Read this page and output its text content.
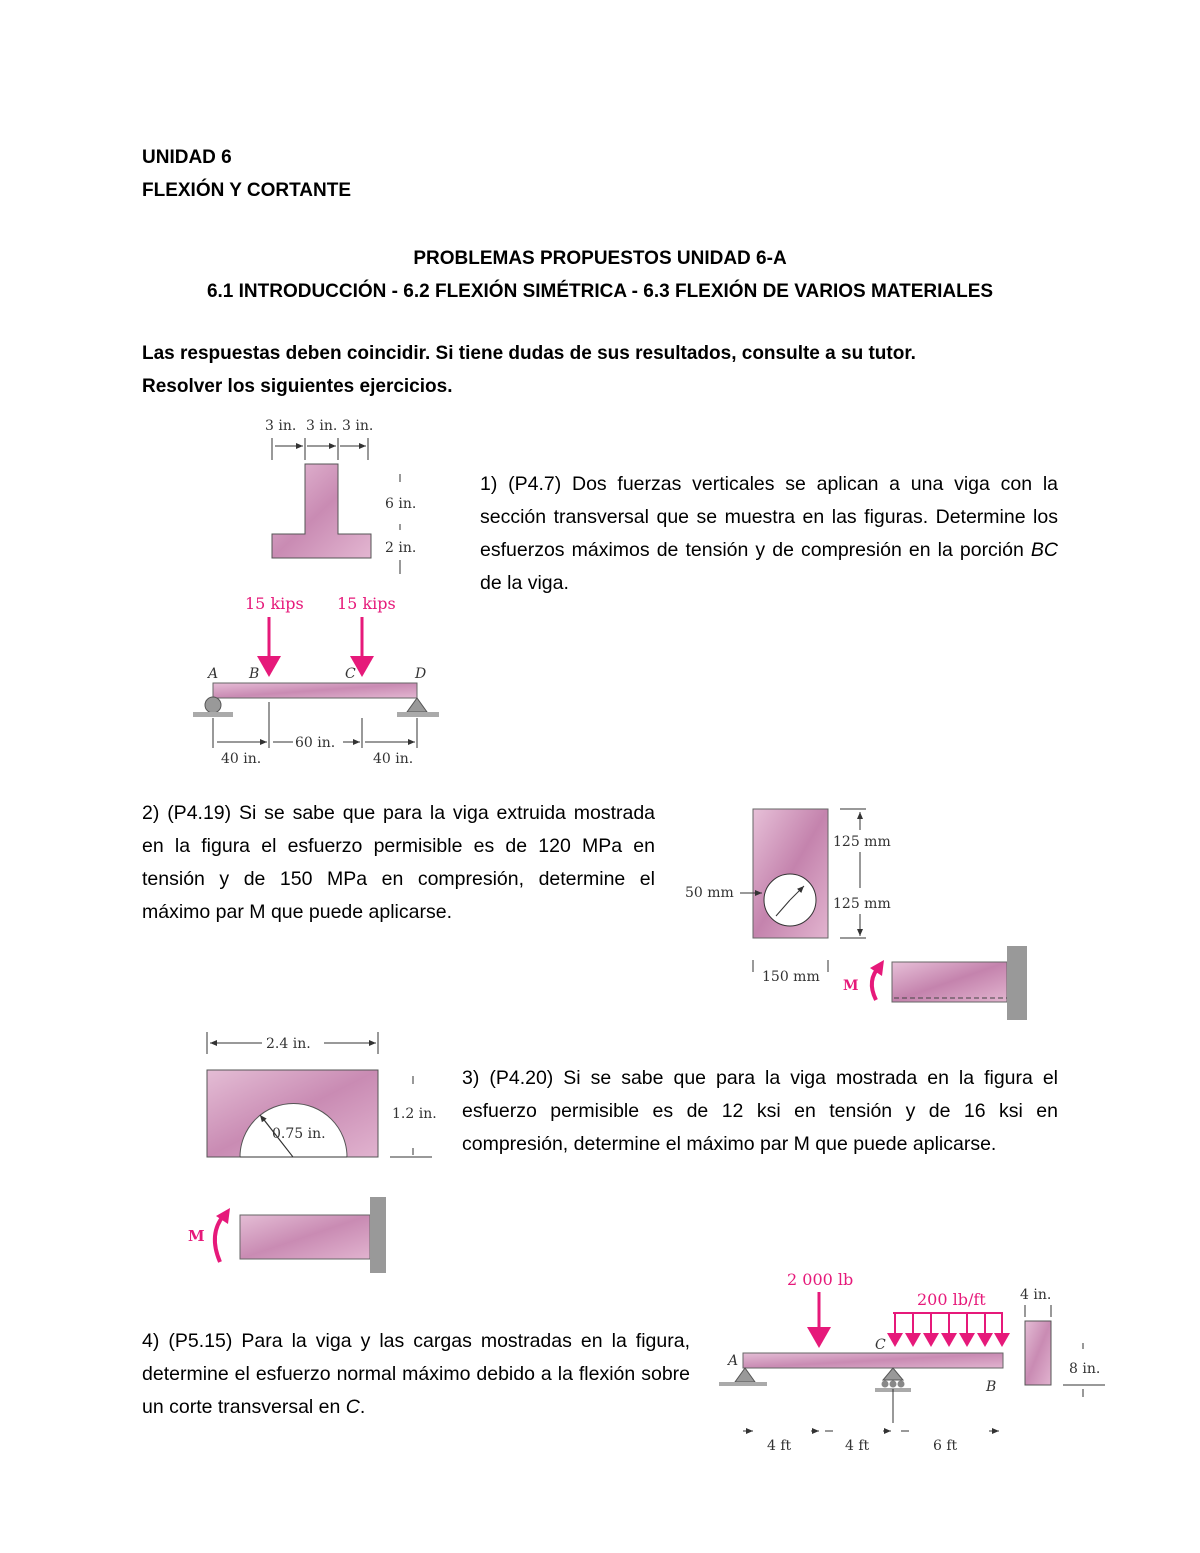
UNIDAD 6
FLEXIÓN Y CORTANTE
PROBLEMAS PROPUESTOS UNIDAD 6-A
6.1 INTRODUCCIÓN - 6.2 FLEXIÓN SIMÉTRICA - 6.3 FLEXIÓN DE VARIOS MATERIALES
Las respuestas deben coincidir. Si tiene dudas de sus resultados, consulte a su tutor.
Resolver los siguientes ejercicios.
1) (P4.7) Dos fuerzas verticales se aplican a una viga con la sección transversal que se muestra en las figuras. Determine los esfuerzos máximos de tensión y de compresión en la porción BC de la viga.
3 in. 3 in. 3 in.
6 in.
2 in.
15 kips 15 kips
A B	C	D
60 in.
40 in.	40 in.
2) (P4.19) Si se sabe que para la viga extruida mostrada en la figura el esfuerzo permisible es de 120 MPa en tensión y de 150 MPa en compresión, determine el máximo par M que puede aplicarse.
50 mm
125 mm
125 mm
150 mm
M
2.4 in.
0.75 in.
1.2 in.
M
3) (P4.20) Si se sabe que para la viga mostrada en la figura el esfuerzo permisible es de 12 ksi en tensión y de 16 ksi en compresión, determine el máximo par M que puede aplicarse.
4) (P5.15) Para la viga y las cargas mostradas en la figura, determine el esfuerzo normal máximo debido a la flexión sobre un corte transversal en C.
2 000 lb
200 lb/ft
A
C
B
4 in.
8 in.
4 ft	4 ft	6 ft
